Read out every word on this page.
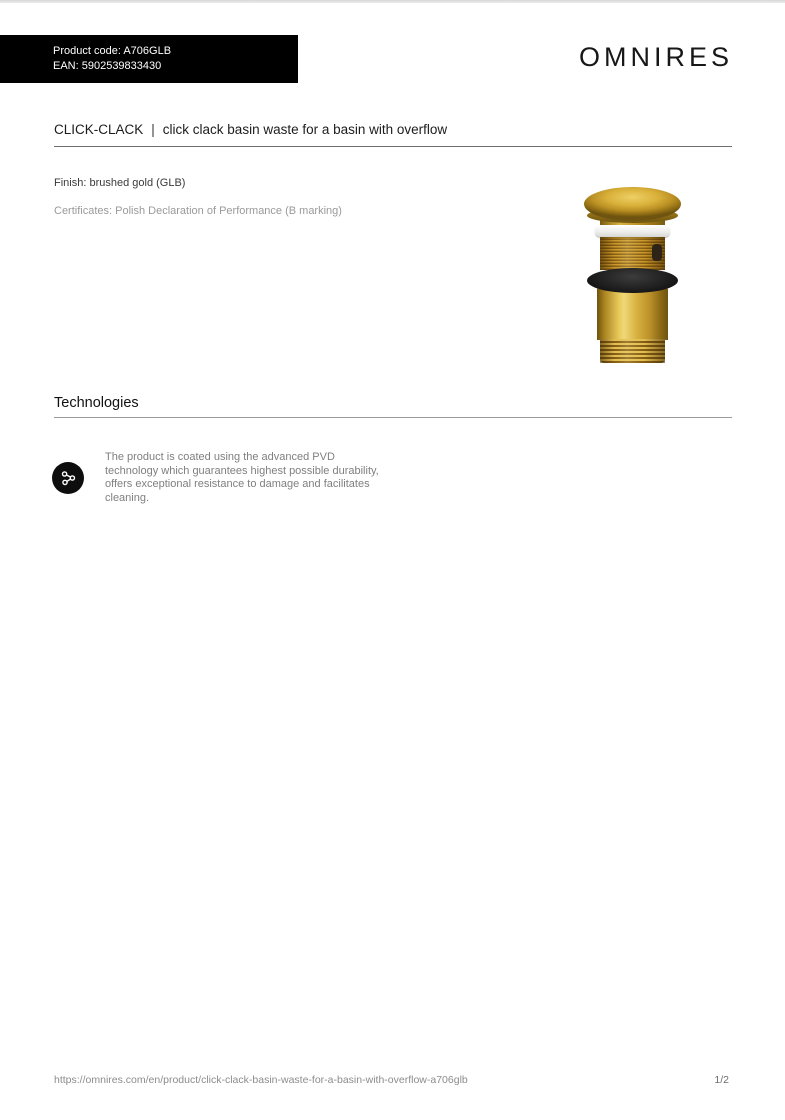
Product code: A706GLB
EAN: 5902539833430	OMNIRES
CLICK-CLACK | click clack basin waste for a basin with overflow
Finish: brushed gold (GLB)
Certificates: Polish Declaration of Performance (B marking)
Technologies
The product is coated using the advanced PVD technology which guarantees highest possible durability, offers exceptional resistance to damage and facilitates cleaning.
https://omnires.com/en/product/click-clack-basin-waste-for-a-basin-with-overflow-a706glb	1/2
